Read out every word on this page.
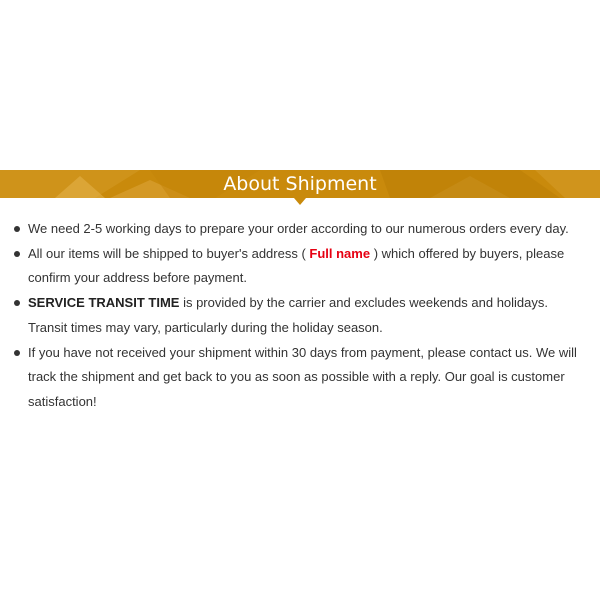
About Shipment
We need 2-5 working days to prepare your order according to our numerous orders every day.
All our items will be shipped to buyer's address ( Full name ) which offered by buyers, please confirm your address before payment.
SERVICE TRANSIT TIME is provided by the carrier and excludes weekends and holidays. Transit times may vary, particularly during the holiday season.
If you have not received your shipment within 30 days from payment, please contact us. We will track the shipment and get back to you as soon as possible with a reply. Our goal is customer satisfaction!
